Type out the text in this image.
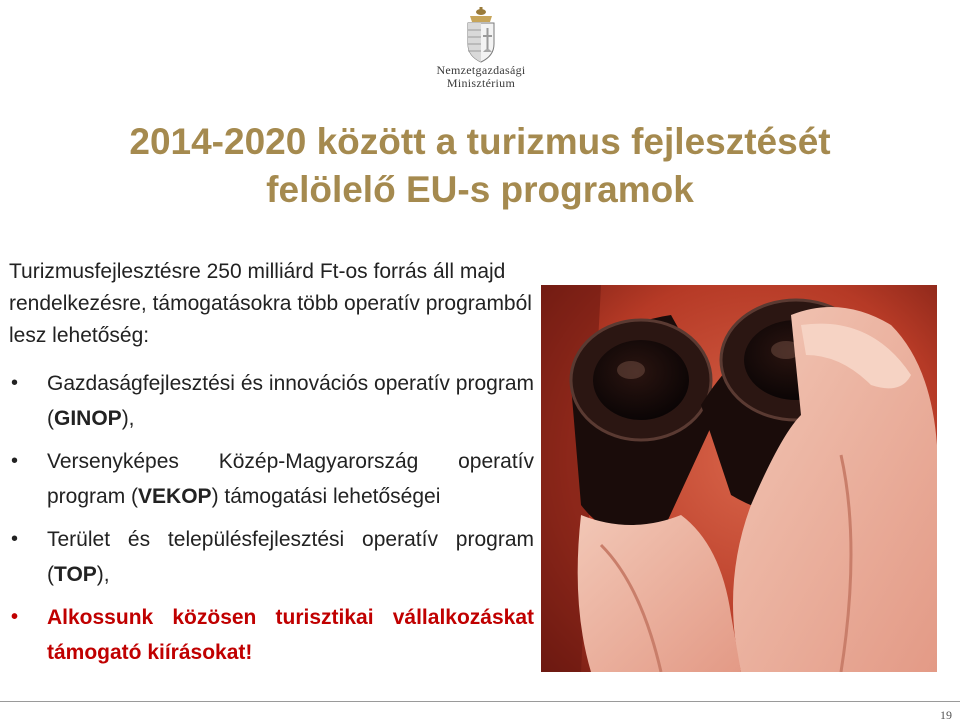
Nemzetgazdasági
Minisztérium
2014-2020 között a turizmus fejlesztését
felölelő EU-s programok

Turizmusfejlesztésre 250 milliárd Ft-os forrás áll majd rendelkezésre, támogatásokra több operatív programból lesz lehetőség:

• Gazdaságfejlesztési és innovációs operatív program (GINOP),
• Versenyképes Közép-Magyarország operatív program (VEKOP) támogatási lehetőségei
• Terület és településfejlesztési operatív program (TOP),
• Alkossunk közösen turisztikai vállalkozáskat támogató kiírásokat!
19
